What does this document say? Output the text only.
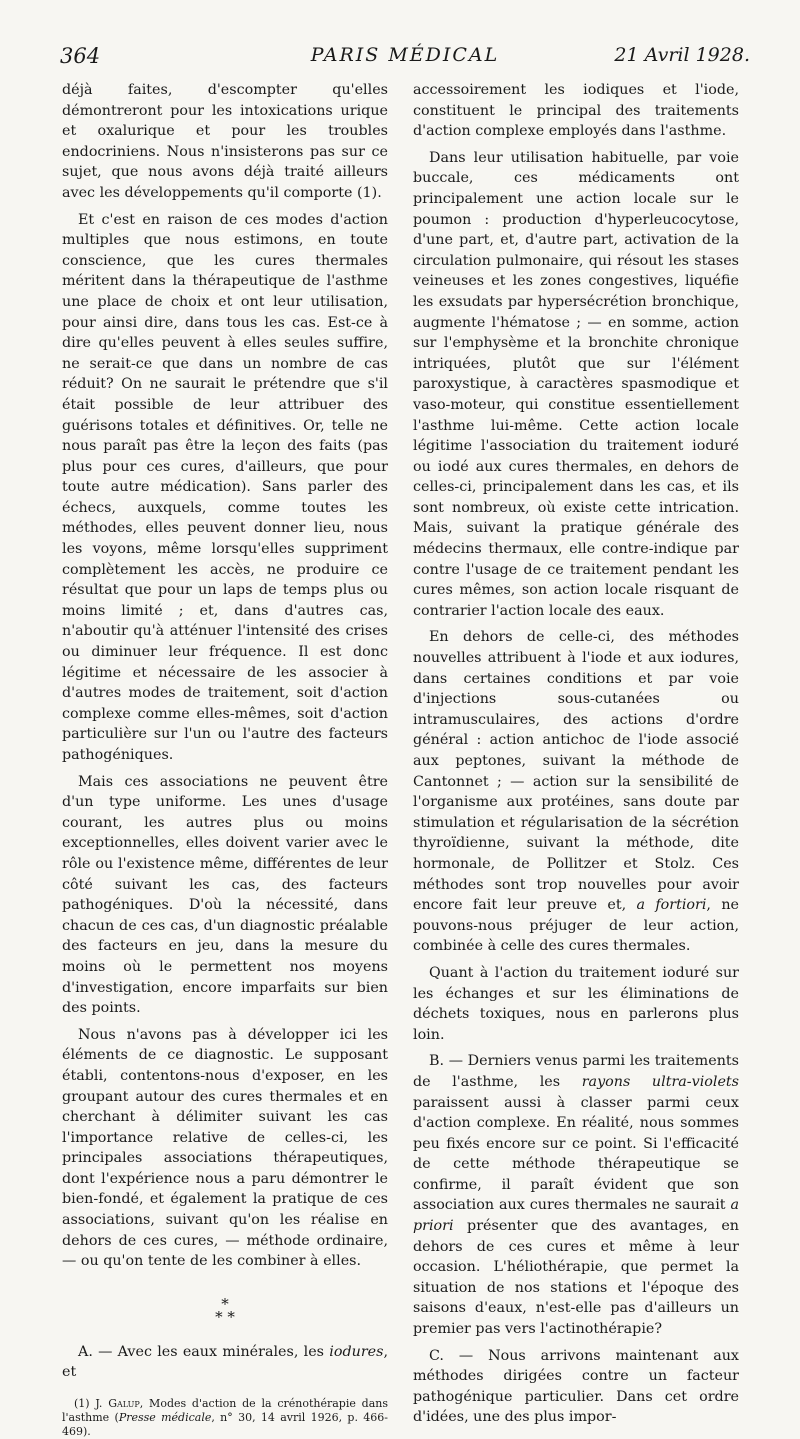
364	PARIS MÉDICAL	21 Avril 1928.

déjà faites, d'escompter qu'elles démontreront pour les intoxications urique et oxalurique et pour les troubles endocriniens. Nous n'insisterons pas sur ce sujet, que nous avons déjà traité ailleurs avec les développements qu'il comporte (1).

Et c'est en raison de ces modes d'action multiples que nous estimons, en toute conscience, que les cures thermales méritent dans la thérapeutique de l'asthme une place de choix et ont leur utilisation, pour ainsi dire, dans tous les cas. Est-ce à dire qu'elles peuvent à elles seules suffire, ne serait-ce que dans un nombre de cas réduit? On ne saurait le prétendre que s'il était possible de leur attribuer des guérisons totales et définitives. Or, telle ne nous paraît pas être la leçon des faits (pas plus pour ces cures, d'ailleurs, que pour toute autre médication). Sans parler des échecs, auxquels, comme toutes les méthodes, elles peuvent donner lieu, nous les voyons, même lorsqu'elles suppriment complètement les accès, ne produire ce résultat que pour un laps de temps plus ou moins limité ; et, dans d'autres cas, n'aboutir qu'à atténuer l'intensité des crises ou diminuer leur fréquence. Il est donc légitime et nécessaire de les associer à d'autres modes de traitement, soit d'action complexe comme elles-mêmes, soit d'action particulière sur l'un ou l'autre des facteurs pathogéniques.

Mais ces associations ne peuvent être d'un type uniforme. Les unes d'usage courant, les autres plus ou moins exceptionnelles, elles doivent varier avec le rôle ou l'existence même, différentes de leur côté suivant les cas, des facteurs pathogéniques. D'où la nécessité, dans chacun de ces cas, d'un diagnostic préalable des facteurs en jeu, dans la mesure du moins où le permettent nos moyens d'investigation, encore imparfaits sur bien des points.

Nous n'avons pas à développer ici les éléments de ce diagnostic. Le supposant établi, contentons-nous d'exposer, en les groupant autour des cures thermales et en cherchant à délimiter suivant les cas l'importance relative de celles-ci, les principales associations thérapeutiques, dont l'expérience nous a paru démontrer le bien-fondé, et également la pratique de ces associations, suivant qu'on les réalise en dehors de ces cures, — méthode ordinaire, — ou qu'on tente de les combiner à elles.

*
* *

A. — Avec les eaux minérales, les iodures, et

(1) J. Galup, Modes d'action de la crénothérapie dans l'asthme (Presse médicale, n° 30, 14 avril 1926, p. 466-469).

accessoirement les iodiques et l'iode, constituent le principal des traitements d'action complexe employés dans l'asthme.

Dans leur utilisation habituelle, par voie buccale, ces médicaments ont principalement une action locale sur le poumon : production d'hyperleucocytose, d'une part, et, d'autre part, activation de la circulation pulmonaire, qui résout les stases veineuses et les zones congestives, liquéfie les exsudats par hypersécrétion bronchique, augmente l'hématose ; — en somme, action sur l'emphysème et la bronchite chronique intriquées, plutôt que sur l'élément paroxystique, à caractères spasmodique et vaso-moteur, qui constitue essentiellement l'asthme lui-même. Cette action locale légitime l'association du traitement ioduré ou iodé aux cures thermales, en dehors de celles-ci, principalement dans les cas, et ils sont nombreux, où existe cette intrication. Mais, suivant la pratique générale des médecins thermaux, elle contre-indique par contre l'usage de ce traitement pendant les cures mêmes, son action locale risquant de contrarier l'action locale des eaux.

En dehors de celle-ci, des méthodes nouvelles attribuent à l'iode et aux iodures, dans certaines conditions et par voie d'injections sous-cutanées ou intramusculaires, des actions d'ordre général : action antichoc de l'iode associé aux peptones, suivant la méthode de Cantonnet ; — action sur la sensibilité de l'organisme aux protéines, sans doute par stimulation et régularisation de la sécrétion thyroïdienne, suivant la méthode, dite hormonale, de Pollitzer et Stolz. Ces méthodes sont trop nouvelles pour avoir encore fait leur preuve et, a fortiori, ne pouvons-nous préjuger de leur action, combinée à celle des cures thermales.

Quant à l'action du traitement ioduré sur les échanges et sur les éliminations de déchets toxiques, nous en parlerons plus loin.

B. — Derniers venus parmi les traitements de l'asthme, les rayons ultra-violets paraissent aussi à classer parmi ceux d'action complexe. En réalité, nous sommes peu fixés encore sur ce point. Si l'efficacité de cette méthode thérapeutique se confirme, il paraît évident que son association aux cures thermales ne saurait a priori présenter que des avantages, en dehors de ces cures et même à leur occasion. L'héliothérapie, que permet la situation de nos stations et l'époque des saisons d'eaux, n'est-elle pas d'ailleurs un premier pas vers l'actinothérapie?

C. — Nous arrivons maintenant aux méthodes dirigées contre un facteur pathogénique particulier. Dans cet ordre d'idées, une des plus impor-
